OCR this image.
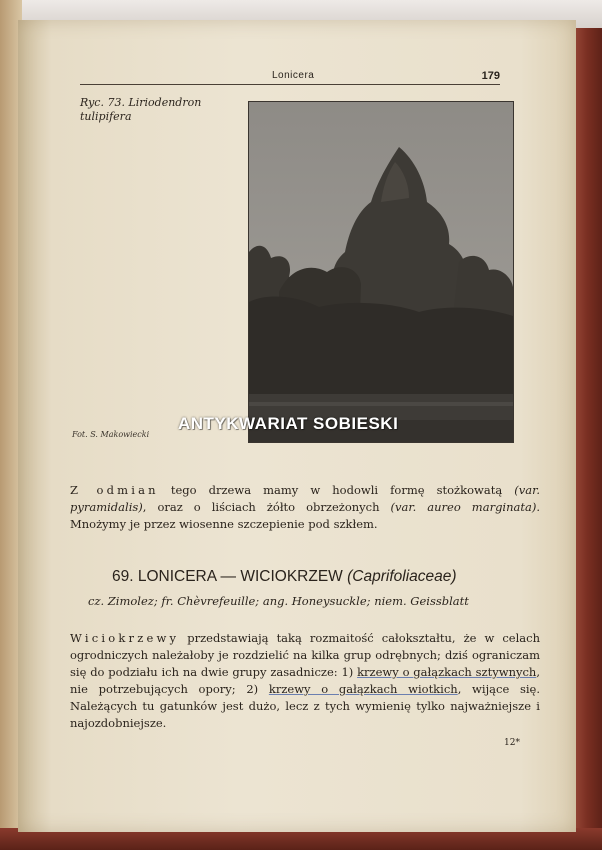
Lonicera	179
Ryc. 73. Liriodendron
tulipifera
Fot. S. Makowiecki
ANTYKWARIAT SOBIESKI
Z odmian tego drzewa mamy w hodowli formę stożkowatą (var. pyramidalis), oraz o liściach żółto obrzeżonych (var. aureo marginata). Mnożymy je przez wiosenne szczepienie pod szkłem.
69. LONICERA — WICIOKRZEW (Caprifoliaceae)
cz. Zimolez; fr. Chèvrefeuille; ang. Honeysuckle; niem. Geissblatt
Wiciokrzewy przedstawiają taką rozmaitość całokształtu, że w celach ogrodniczych należałoby je rozdzielić na kilka grup odrębnych; dziś ograniczam się do podziału ich na dwie grupy zasadnicze: 1) krzewy o gałązkach sztywnych, nie potrzebujących opory; 2) krzewy o gałązkach wiotkich, wijące się. Należących tu gatunków jest dużo, lecz z tych wymienię tylko najważniejsze i najozdobniejsze.
12*
